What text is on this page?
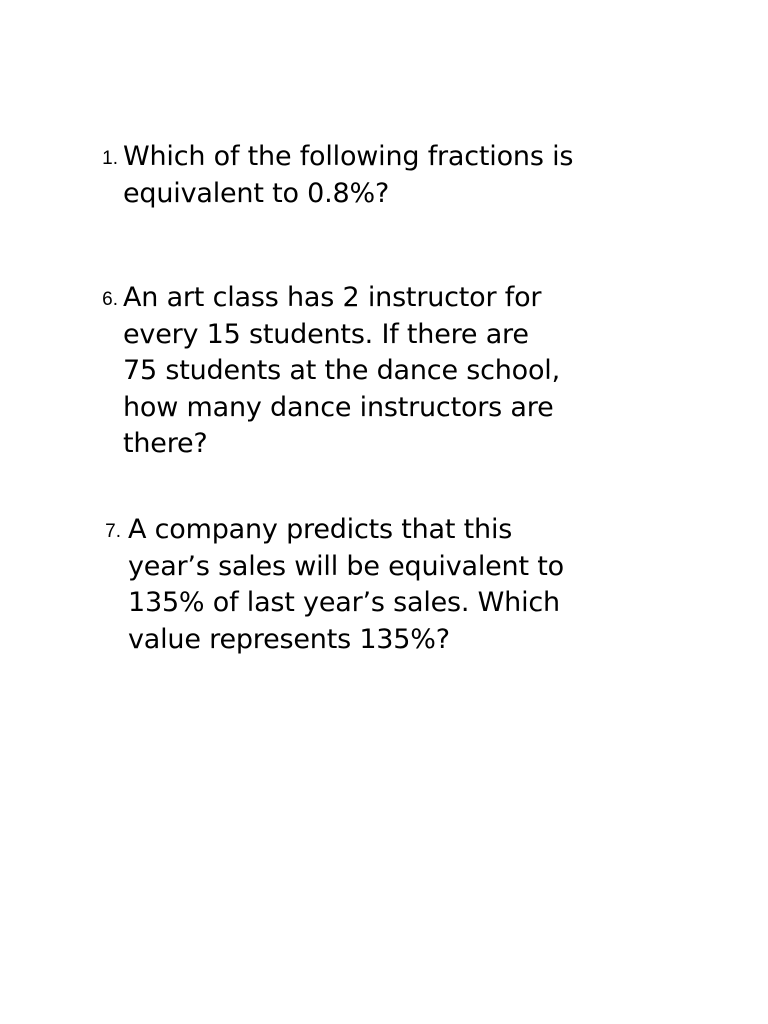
1. Which of the following fractions is
equivalent to 0.8%?
6. An art class has 2 instructor for
every 15 students. If there are
75 students at the dance school,
how many dance instructors are
there?
7. A company predicts that this
year’s sales will be equivalent to
135% of last year’s sales. Which
value represents 135%?
